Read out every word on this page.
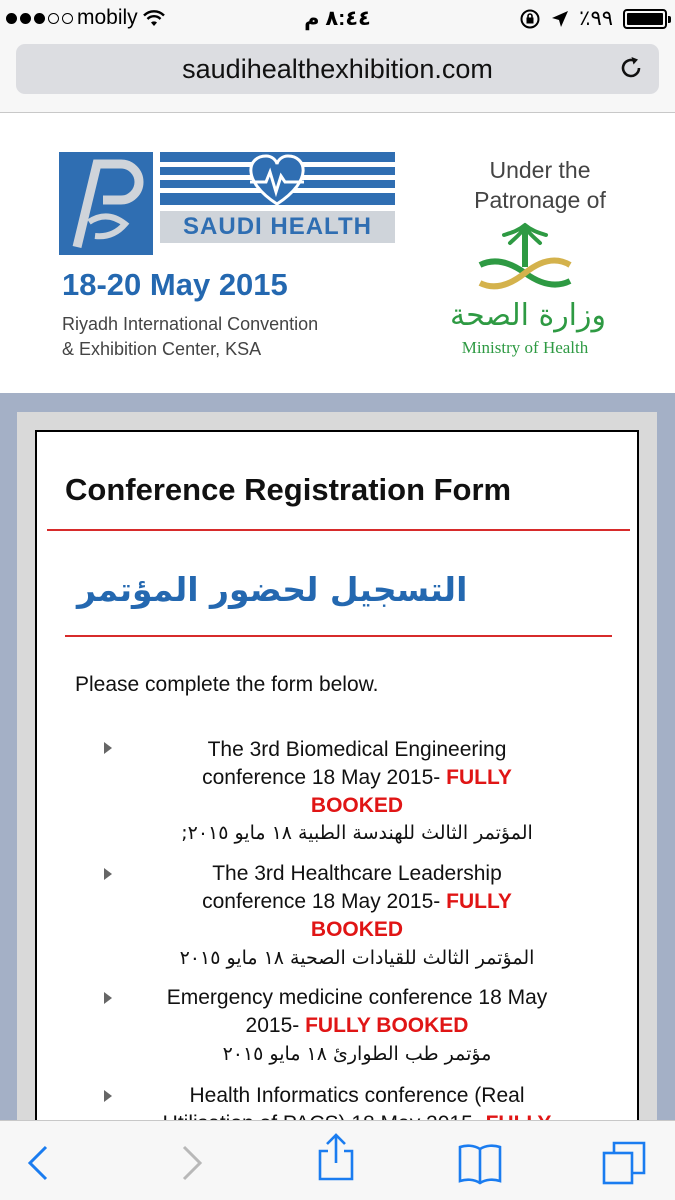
mobily	٨:٤٤ م	٪٩٩
saudihealthexhibition.com
SAUDI HEALTH
18-20 May 2015
Riyadh International Convention
& Exhibition Center, KSA
Under the
Patronage of
وزارة الصحة
Ministry of Health
Conference Registration Form
التسجيل لحضور المؤتمر
Please complete the form below.
The 3rd Biomedical Engineering
conference 18 May 2015- FULLY
BOOKED
المؤتمر الثالث للهندسة الطبية ١٨ مايو ٢٠١٥;
The 3rd Healthcare Leadership
conference 18 May 2015- FULLY
BOOKED
المؤتمر الثالث للقيادات الصحية ١٨ مايو ٢٠١٥
Emergency medicine conference 18 May
2015- FULLY BOOKED
مؤتمر طب الطوارئ ١٨ مايو ٢٠١٥
Health Informatics conference (Real
